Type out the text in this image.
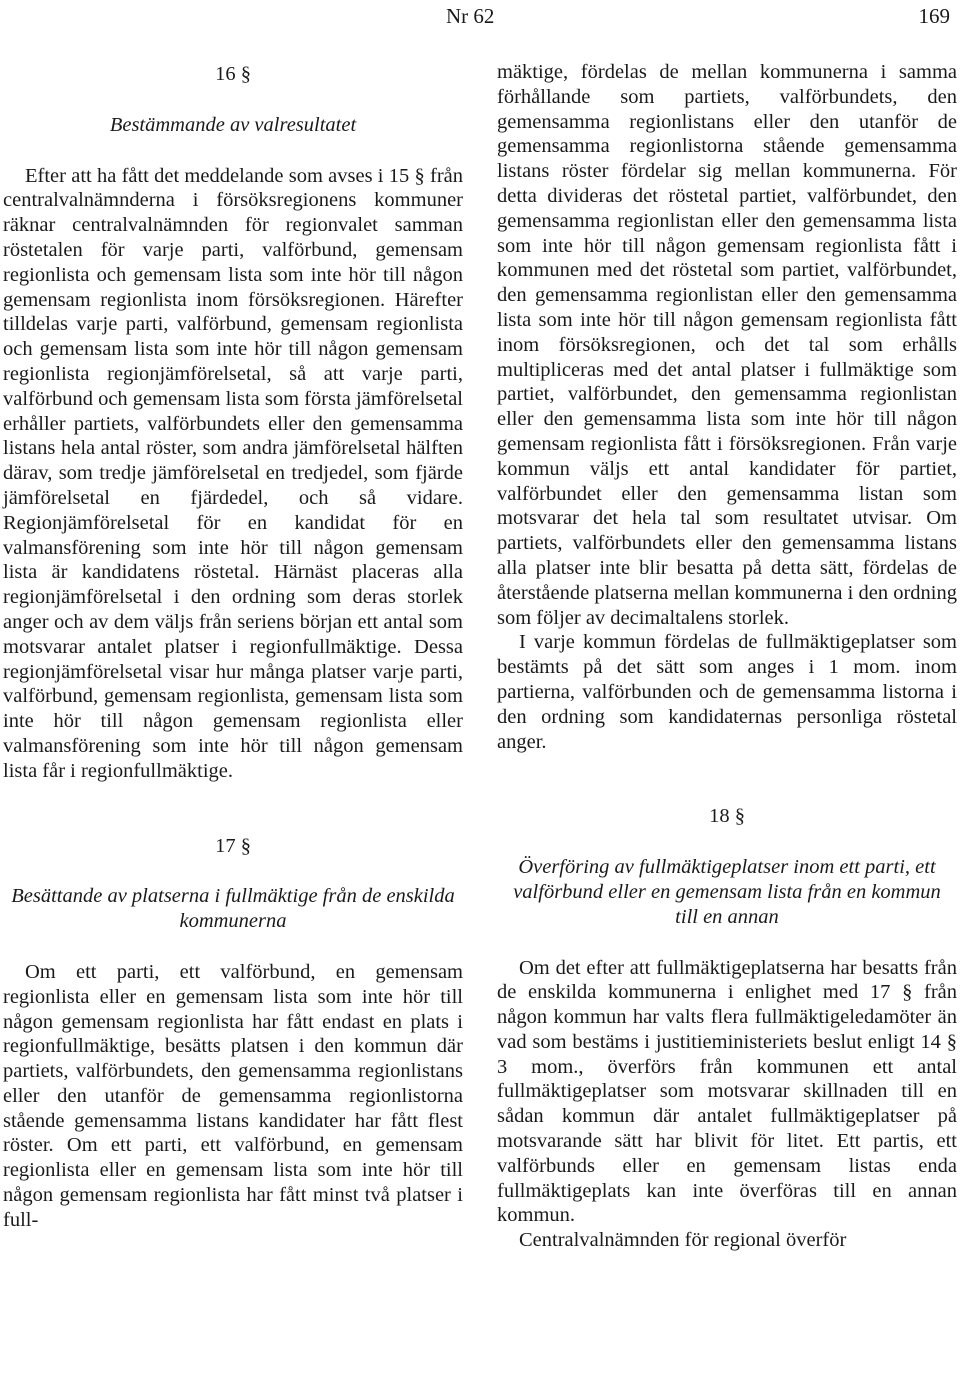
Nr 62	169
16 §
Bestämmande av valresultatet

Efter att ha fått det meddelande som avses i 15 § från centralvalnämnderna i försöksregionens kommuner räknar centralvalnämnden för regionvalet samman röstetalen för varje parti, valförbund, gemensam regionlista och gemensam lista som inte hör till någon gemensam regionlista inom försöksregionen. Härefter tilldelas varje parti, valförbund, gemensam regionlista och gemensam lista som inte hör till någon gemensam regionlista regionjämförelsetal, så att varje parti, valförbund och gemensam lista som första jämförelsetal erhåller partiets, valförbundets eller den gemensamma listans hela antal röster, som andra jämförelsetal hälften därav, som tredje jämförelsetal en tredjedel, som fjärde jämförelsetal en fjärdedel, och så vidare. Regionjämförelsetal för en kandidat för en valmansförening som inte hör till någon gemensam lista är kandidatens röstetal. Härnäst placeras alla regionjämförelsetal i den ordning som deras storlek anger och av dem väljs från seriens början ett antal som motsvarar antalet platser i regionfullmäktige. Dessa regionjämförelsetal visar hur många platser varje parti, valförbund, gemensam regionlista, gemensam lista som inte hör till någon gemensam regionlista eller valmansförening som inte hör till någon gemensam lista får i regionfullmäktige.

17 §
Besättande av platserna i fullmäktige från de enskilda kommunerna

Om ett parti, ett valförbund, en gemensam regionlista eller en gemensam lista som inte hör till någon gemensam regionlista har fått endast en plats i regionfullmäktige, besätts platsen i den kommun där partiets, valförbundets, den gemensamma regionlistans eller den utanför de gemensamma regionlistorna stående gemensamma listans kandidater har fått flest röster. Om ett parti, ett valförbund, en gemensam regionlista eller en gemensam lista som inte hör till någon gemensam regionlista har fått minst två platser i full-

mäktige, fördelas de mellan kommunerna i samma förhållande som partiets, valförbundets, den gemensamma regionlistans eller den utanför de gemensamma regionlistorna stående gemensamma listans röster fördelar sig mellan kommunerna. För detta divideras det röstetal partiet, valförbundet, den gemensamma regionlistan eller den gemensamma lista som inte hör till någon gemensam regionlista fått i kommunen med det röstetal som partiet, valförbundet, den gemensamma regionlistan eller den gemensamma lista som inte hör till någon gemensam regionlista fått inom försöksregionen, och det tal som erhålls multipliceras med det antal platser i fullmäktige som partiet, valförbundet, den gemensamma regionlistan eller den gemensamma lista som inte hör till någon gemensam regionlista fått i försöksregionen. Från varje kommun väljs ett antal kandidater för partiet, valförbundet eller den gemensamma listan som motsvarar det hela tal som resultatet utvisar. Om partiets, valförbundets eller den gemensamma listans alla platser inte blir besatta på detta sätt, fördelas de återstående platserna mellan kommunerna i den ordning som följer av decimaltalens storlek.

I varje kommun fördelas de fullmäktigeplatser som bestämts på det sätt som anges i 1 mom. inom partierna, valförbunden och de gemensamma listorna i den ordning som kandidaternas personliga röstetal anger.

18 §
Överföring av fullmäktigeplatser inom ett parti, ett valförbund eller en gemensam lista från en kommun till en annan

Om det efter att fullmäktigeplatserna har besatts från de enskilda kommunerna i enlighet med 17 § från någon kommun har valts flera fullmäktigeledamöter än vad som bestäms i justitieministeriets beslut enligt 14 § 3 mom., överförs från kommunen ett antal fullmäktigeplatser som motsvarar skillnaden till en sådan kommun där antalet fullmäktigeplatser på motsvarande sätt har blivit för litet. Ett partis, ett valförbunds eller en gemensam listas enda fullmäktigeplats kan inte överföras till en annan kommun.

Centralvalnämnden för regional överför
